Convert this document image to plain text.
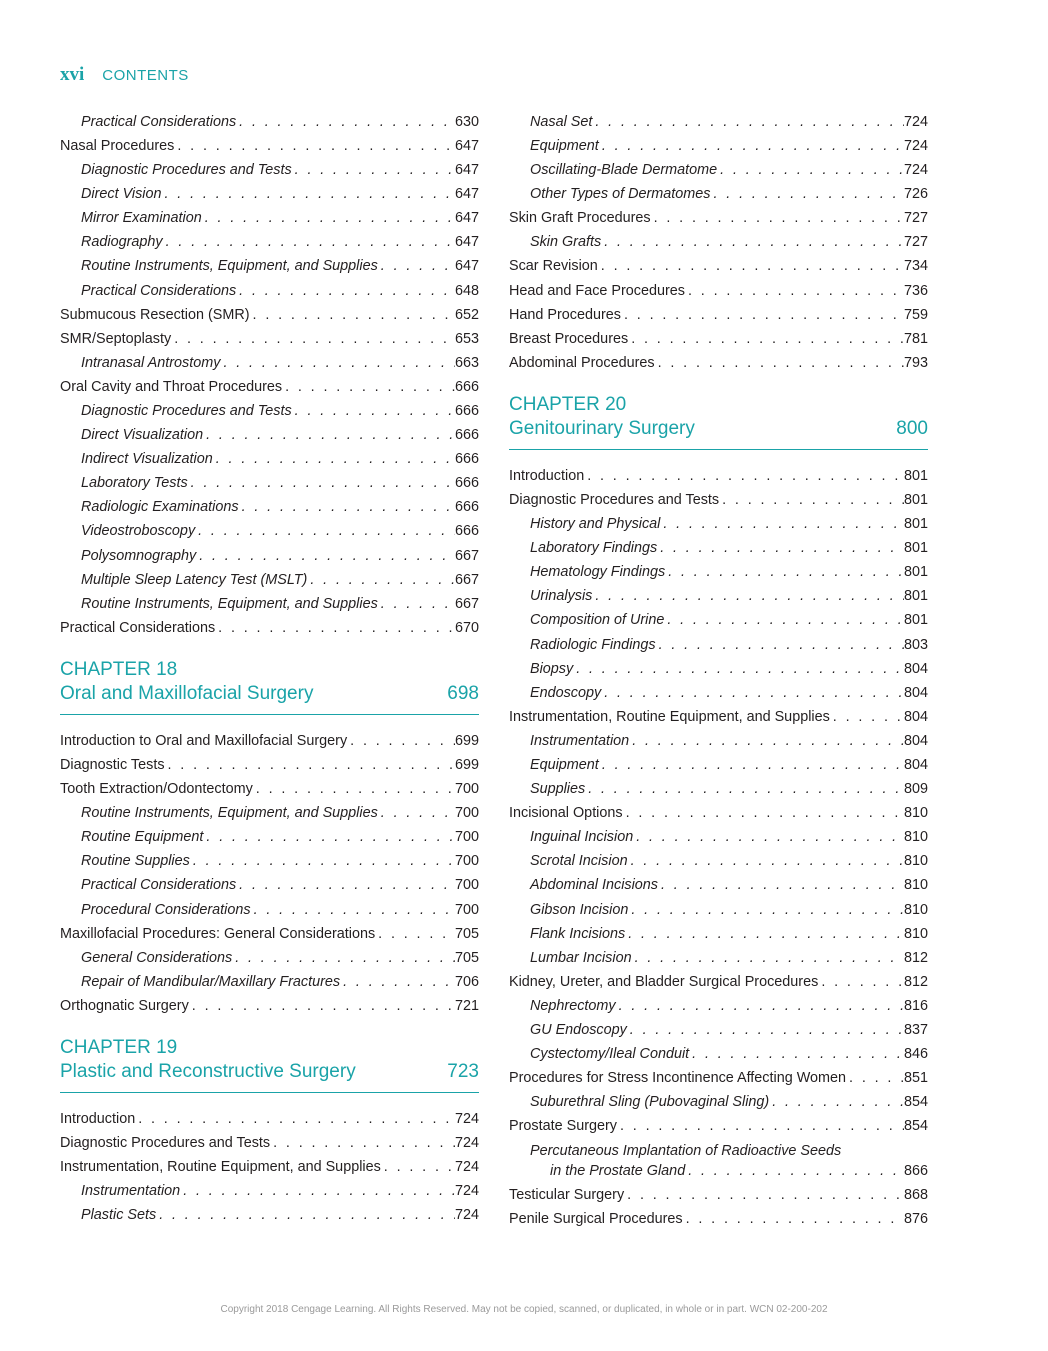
xvi CONTENTS
Practical Considerations . . .	630
Nasal Procedures . . .	647
Diagnostic Procedures and Tests . . .	647
Direct Vision . . .	647
Mirror Examination . . .	647
Radiography . . .	647
Routine Instruments, Equipment, and Supplies . . .	647
Practical Considerations . . .	648
Submucous Resection (SMR) . . .	652
SMR/Septoplasty . . .	653
Intranasal Antrostomy . . .	663
Oral Cavity and Throat Procedures . . .	666
Diagnostic Procedures and Tests . . .	666
Direct Visualization . . .	666
Indirect Visualization . . .	666
Laboratory Tests . . .	666
Radiologic Examinations . . .	666
Videostroboscopy . . .	666
Polysomnography . . .	667
Multiple Sleep Latency Test (MSLT) . . .	667
Routine Instruments, Equipment, and Supplies . . .	667
Practical Considerations . . .	670
CHAPTER 18
Oral and Maxillofacial Surgery	698
Introduction to Oral and Maxillofacial Surgery . . .	699
Diagnostic Tests . . .	699
Tooth Extraction/Odontectomy . . .	700
Routine Instruments, Equipment, and Supplies . . .	700
Routine Equipment . . .	700
Routine Supplies . . .	700
Practical Considerations . . .	700
Procedural Considerations . . .	700
Maxillofacial Procedures: General Considerations . . .	705
General Considerations . . .	705
Repair of Mandibular/Maxillary Fractures . . .	706
Orthognatic Surgery . . .	721
CHAPTER 19
Plastic and Reconstructive Surgery	723
Introduction . . .	724
Diagnostic Procedures and Tests . . .	724
Instrumentation, Routine Equipment, and Supplies . . .	724
Instrumentation . . .	724
Plastic Sets . . .	724
Nasal Set . . .	724
Equipment . . .	724
Oscillating-Blade Dermatome . . .	724
Other Types of Dermatomes . . .	726
Skin Graft Procedures . . .	727
Skin Grafts . . .	727
Scar Revision . . .	734
Head and Face Procedures . . .	736
Hand Procedures . . .	759
Breast Procedures . . .	781
Abdominal Procedures . . .	793
CHAPTER 20
Genitourinary Surgery	800
Introduction . . .	801
Diagnostic Procedures and Tests . . .	801
History and Physical . . .	801
Laboratory Findings . . .	801
Hematology Findings . . .	801
Urinalysis . . .	801
Composition of Urine . . .	801
Radiologic Findings . . .	803
Biopsy . . .	804
Endoscopy . . .	804
Instrumentation, Routine Equipment, and Supplies . . .	804
Instrumentation . . .	804
Equipment . . .	804
Supplies . . .	809
Incisional Options . . .	810
Inguinal Incision . . .	810
Scrotal Incision . . .	810
Abdominal Incisions . . .	810
Gibson Incision . . .	810
Flank Incisions . . .	810
Lumbar Incision . . .	812
Kidney, Ureter, and Bladder Surgical Procedures . . .	812
Nephrectomy . . .	816
GU Endoscopy . . .	837
Cystectomy/Ileal Conduit . . .	846
Procedures for Stress Incontinence Affecting Women . . .	851
Suburethral Sling (Pubovaginal Sling) . . .	854
Prostate Surgery . . .	854
Percutaneous Implantation of Radioactive Seeds
in the Prostate Gland . . .	866
Testicular Surgery . . .	868
Penile Surgical Procedures . . .	876
Copyright 2018 Cengage Learning. All Rights Reserved. May not be copied, scanned, or duplicated, in whole or in part. WCN 02-200-202
